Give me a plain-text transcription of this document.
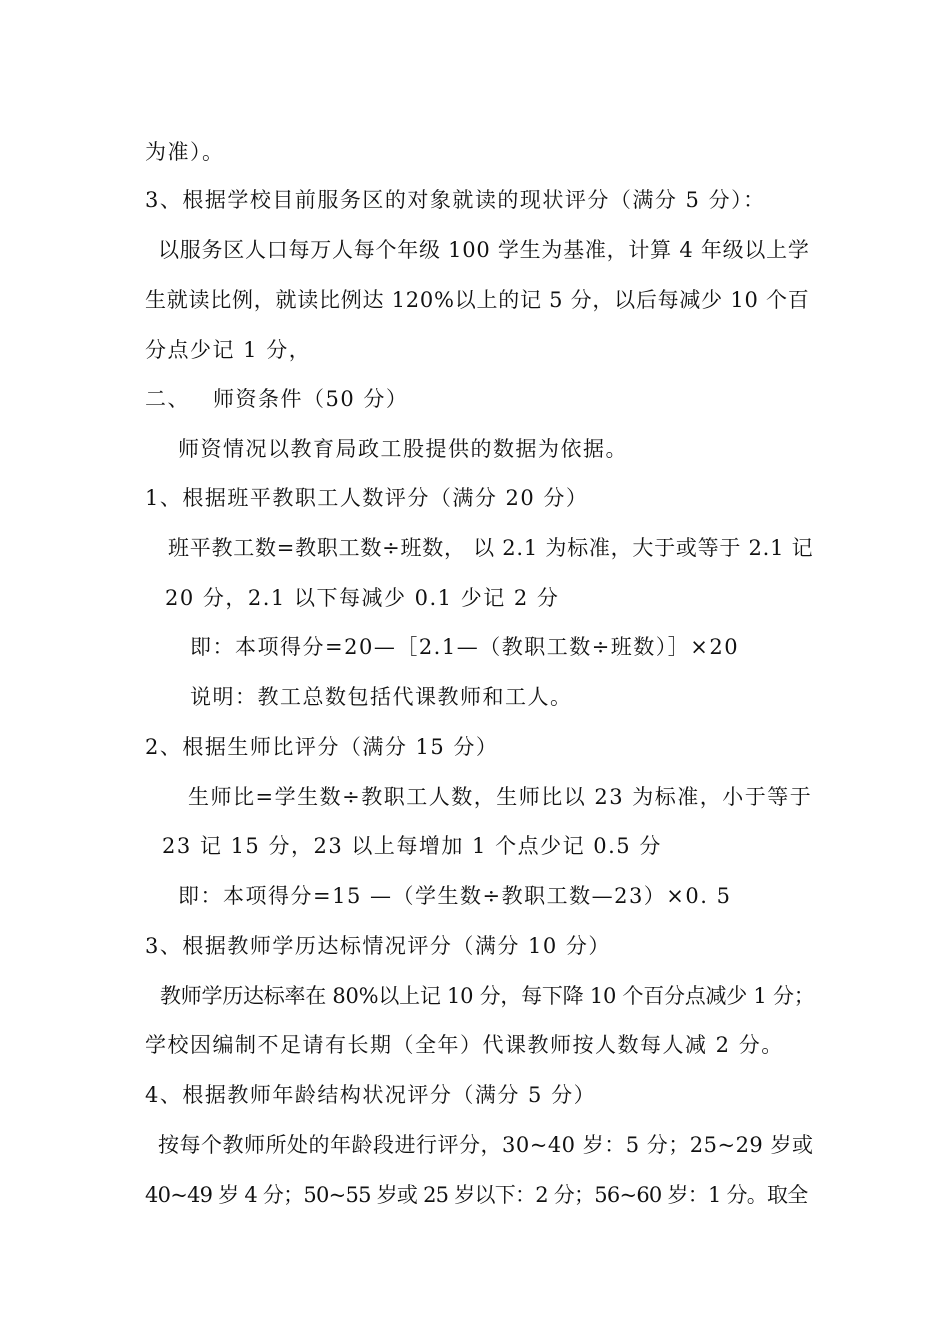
为准）。
3、根据学校目前服务区的对象就读的现状评分（满分 5 分）：
以服务区人口每万人每个年级 100 学生为基准，计算 4 年级以上学
生就读比例，就读比例达 120%以上的记 5 分，以后每减少 10 个百
分点少记 1 分，
二、 师资条件（50 分）
师资情况以教育局政工股提供的数据为依据。
1、根据班平教职工人数评分（满分 20 分）
班平教工数=教职工数÷班数， 以 2.1 为标准，大于或等于 2.1 记
20 分，2.1 以下每减少 0.1 少记 2 分
即：本项得分=20—［2.1—（教职工数÷班数）］×20
说明：教工总数包括代课教师和工人。
2、根据生师比评分（满分 15 分）
生师比=学生数÷教职工人数，生师比以 23 为标准，小于等于
23 记 15 分，23 以上每增加 1 个点少记 0.5 分
即：本项得分=15 —（学生数÷教职工数—23）×0. 5
3、根据教师学历达标情况评分（满分 10 分）
教师学历达标率在 80%以上记 10 分，每下降 10 个百分点减少 1 分；
学校因编制不足请有长期（全年）代课教师按人数每人减 2 分。
4、根据教师年龄结构状况评分（满分 5 分）
按每个教师所处的年龄段进行评分，30~40 岁：5 分；25~29 岁或
40~49 岁 4 分；50~55 岁或 25 岁以下：2 分；56~60 岁：1 分。取全
